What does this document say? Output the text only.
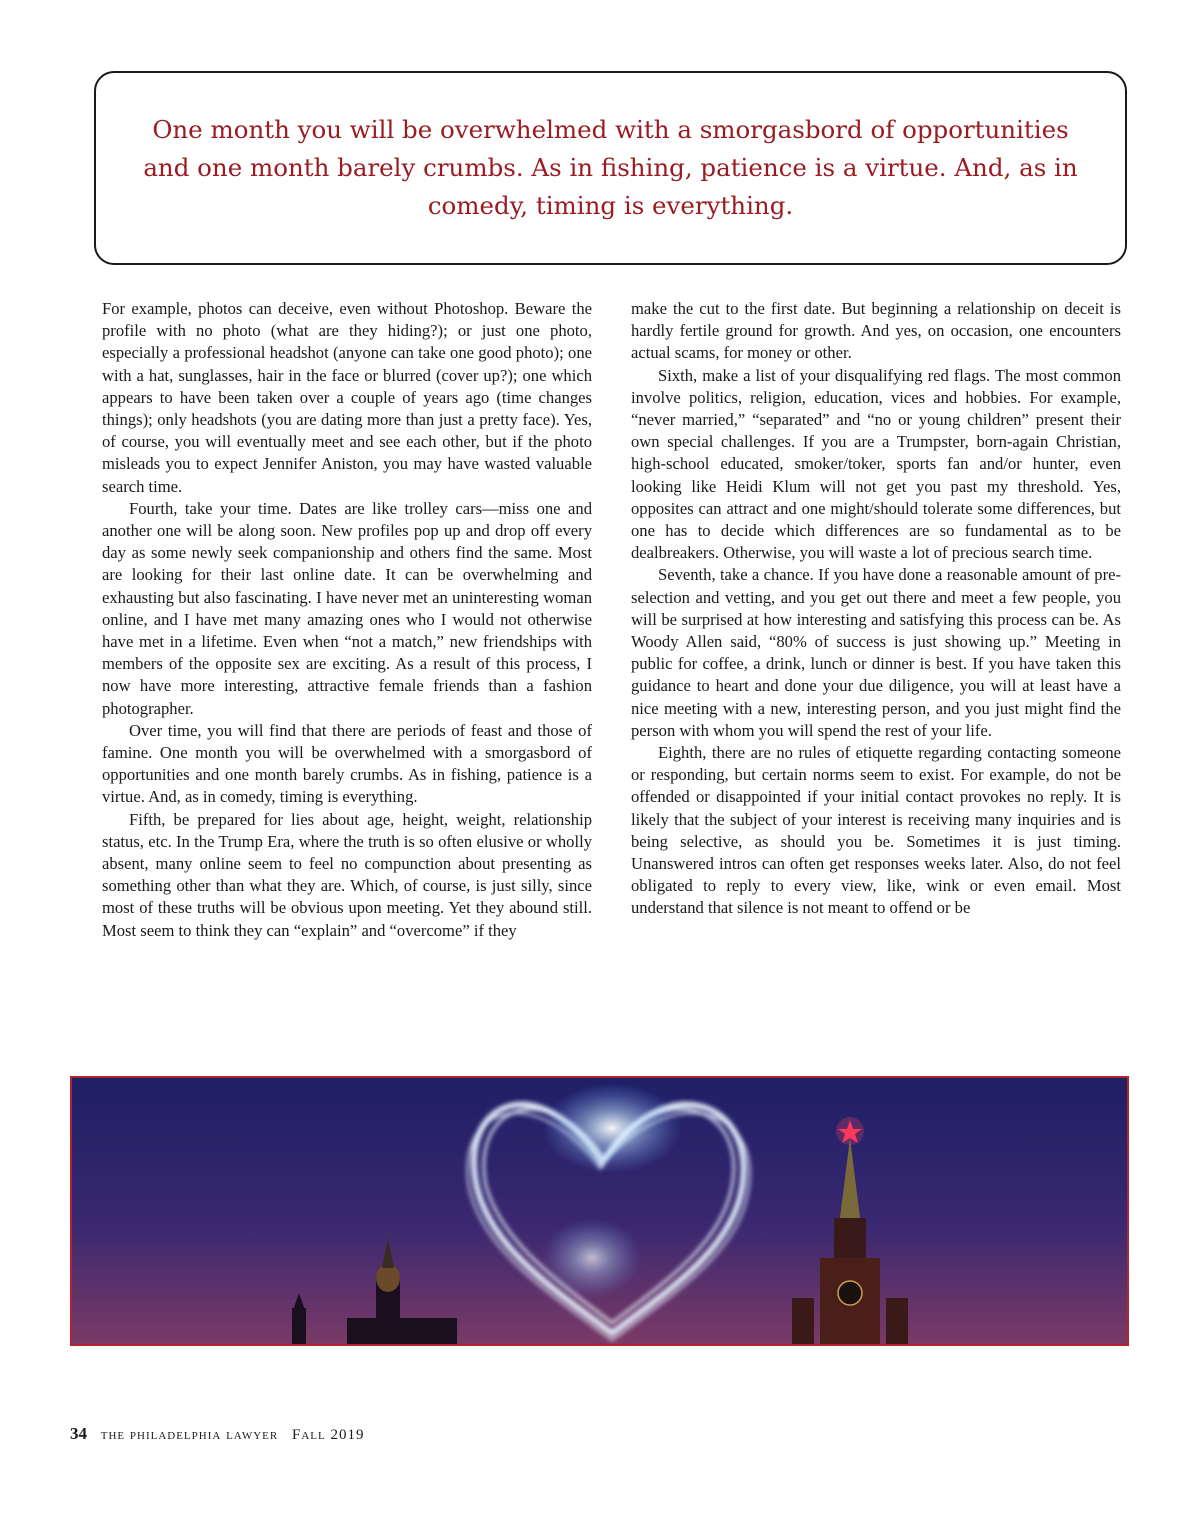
One month you will be overwhelmed with a smorgasbord of opportunities and one month barely crumbs. As in fishing, patience is a virtue. And, as in comedy, timing is everything.

For example, photos can deceive, even without Photoshop. Beware the profile with no photo (what are they hiding?); or just one photo, especially a professional headshot (anyone can take one good photo); one with a hat, sunglasses, hair in the face or blurred (cover up?); one which appears to have been taken over a couple of years ago (time changes things); only headshots (you are dating more than just a pretty face). Yes, of course, you will eventually meet and see each other, but if the photo misleads you to expect Jennifer Aniston, you may have wasted valuable search time.

Fourth, take your time. Dates are like trolley cars—miss one and another one will be along soon. New profiles pop up and drop off every day as some newly seek companionship and others find the same. Most are looking for their last online date. It can be overwhelming and exhausting but also fascinating. I have never met an uninteresting woman online, and I have met many amazing ones who I would not otherwise have met in a lifetime. Even when “not a match,” new friendships with members of the opposite sex are exciting. As a result of this process, I now have more interesting, attractive female friends than a fashion photographer.

Over time, you will find that there are periods of feast and those of famine. One month you will be overwhelmed with a smorgasbord of opportunities and one month barely crumbs. As in fishing, patience is a virtue. And, as in comedy, timing is everything.

Fifth, be prepared for lies about age, height, weight, relationship status, etc. In the Trump Era, where the truth is so often elusive or wholly absent, many online seem to feel no compunction about presenting as something other than what they are. Which, of course, is just silly, since most of these truths will be obvious upon meeting. Yet they abound still. Most seem to think they can “explain” and “overcome” if they

make the cut to the first date. But beginning a relationship on deceit is hardly fertile ground for growth. And yes, on occasion, one encounters actual scams, for money or other.

Sixth, make a list of your disqualifying red flags. The most common involve politics, religion, education, vices and hobbies. For example, “never married,” “separated” and “no or young children” present their own special challenges. If you are a Trumpster, born-again Christian, high-school educated, smoker/toker, sports fan and/or hunter, even looking like Heidi Klum will not get you past my threshold. Yes, opposites can attract and one might/should tolerate some differences, but one has to decide which differences are so fundamental as to be dealbreakers. Otherwise, you will waste a lot of precious search time.

Seventh, take a chance. If you have done a reasonable amount of pre-selection and vetting, and you get out there and meet a few people, you will be surprised at how interesting and satisfying this process can be. As Woody Allen said, “80% of success is just showing up.” Meeting in public for coffee, a drink, lunch or dinner is best. If you have taken this guidance to heart and done your due diligence, you will at least have a nice meeting with a new, interesting person, and you just might find the person with whom you will spend the rest of your life.

Eighth, there are no rules of etiquette regarding contacting someone or responding, but certain norms seem to exist. For example, do not be offended or disappointed if your initial contact provokes no reply. It is likely that the subject of your interest is receiving many inquiries and is being selective, as should you be. Sometimes it is just timing. Unanswered intros can often get responses weeks later. Also, do not feel obligated to reply to every view, like, wink or even email. Most understand that silence is not meant to offend or be

34 the philadelphia lawyer Fall 2019
